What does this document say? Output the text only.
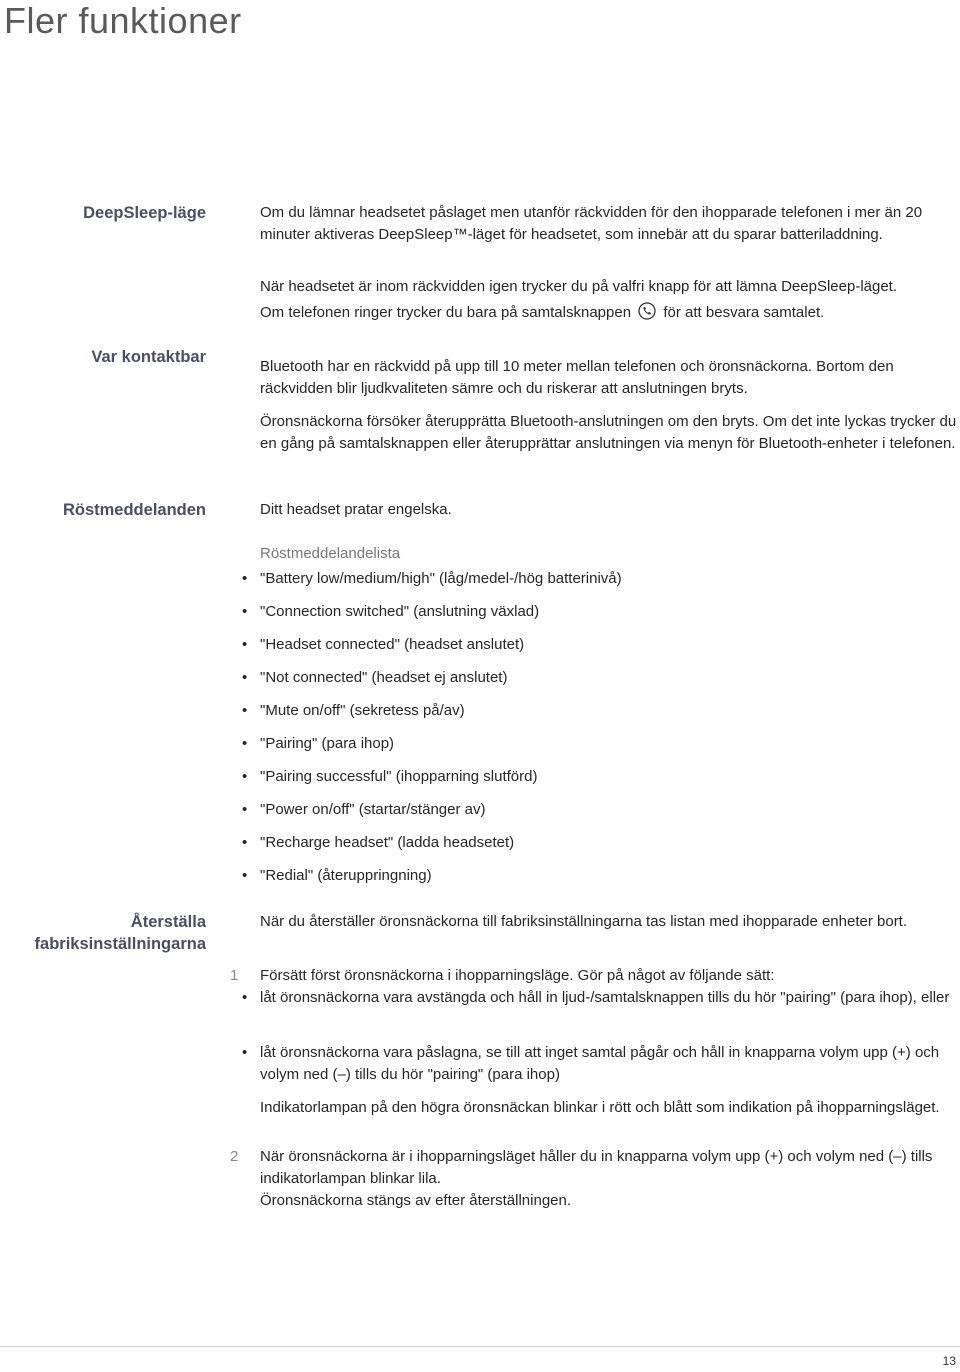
Fler funktioner
DeepSleep-läge	Om du lämnar headsetet påslaget men utanför räckvidden för den ihopparade telefonen i mer än 20 minuter aktiveras DeepSleep™-läget för headsetet, som innebär att du sparar batteriladdning.

När headsetet är inom räckvidden igen trycker du på valfri knapp för att lämna DeepSleep-läget.

Om telefonen ringer trycker du bara på samtalsknappen för att besvara samtalet.

Var kontaktbar

Bluetooth har en räckvidd på upp till 10 meter mellan telefonen och öronsnäckorna. Bortom den räckvidden blir ljudkvaliteten sämre och du riskerar att anslutningen bryts.

Öronsnäckorna försöker återupprätta Bluetooth-anslutningen om den bryts. Om det inte lyckas trycker du en gång på samtalsknappen eller återupprättar anslutningen via menyn för Bluetooth-enheter i telefonen.

Röstmeddelanden	Ditt headset pratar engelska.

Röstmeddelandelista

• "Battery low/medium/high" (låg/medel-/hög batterinivå)
• "Connection switched" (anslutning växlad)
• "Headset connected" (headset anslutet)
• "Not connected" (headset ej anslutet)
• "Mute on/off" (sekretess på/av)
• "Pairing" (para ihop)
• "Pairing successful" (ihopparning slutförd)
• "Power on/off" (startar/stänger av)
• "Recharge headset" (ladda headsetet)
• "Redial" (återuppringning)
Återställa
fabriksinställningarna

När du återställer öronsnäckorna till fabriksinställningarna tas listan med ihopparade enheter bort.

1 Försätt först öronsnäckorna i ihopparningsläge. Gör på något av följande sätt:

• låt öronsnäckorna vara avstängda och håll in ljud-/samtalsknappen tills du hör "pairing" (para ihop), eller
• låt öronsnäckorna vara påslagna, se till att inget samtal pågår och håll in knapparna volym upp (+) och volym ned (–) tills du hör "pairing" (para ihop)

Indikatorlampan på den högra öronsnäckan blinkar i rött och blått som indikation på ihopparningsläget.

2 När öronsnäckorna är i ihopparningsläget håller du in knapparna volym upp (+) och volym ned (–) tills indikatorlampan blinkar lila.
Öronsnäckorna stängs av efter återställningen.

13
